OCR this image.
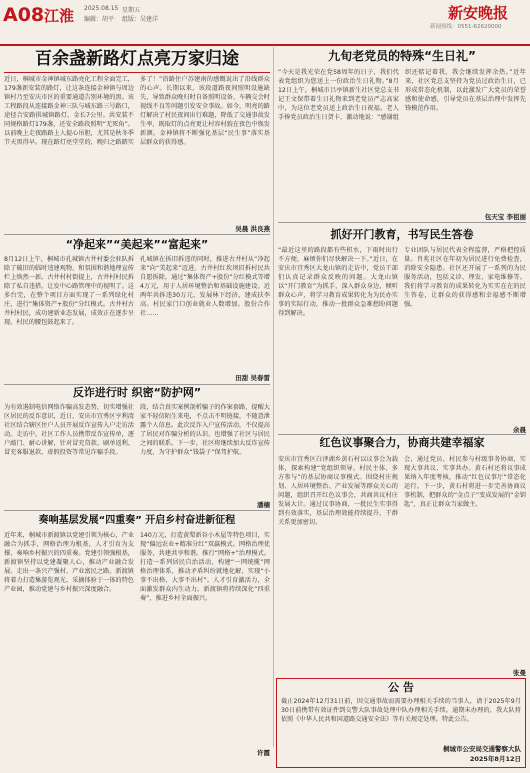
A08 江淮 2025.08.15 星期五
编辑：胡平 组版：吴建洋	新安晚报
新闻热线：0551-62620000
百余盏新路灯点亮万家归途
近日，桐城市金神镇城东路亮化工程全面完工，179盏新安装的路灯，让这条连接金神镇与周边镇村乃至安庆市区的重要通道告别环境的黑。该工程路段从连接路金神三队与城东路三号路口，途径合安路供城镇路灯、金长7公里。共安装不同规格路灯179盏，还安全路段照明“无死角”。以前晚上走夜路路上人提心吊胆，尤其是秋冬季节天黑得早。现在路灯亮堂堂的，晚归之路踏实多了！”沿路住户苏建南的感慨说出了沿线群众的心声。长期以来，该段道路夜间照明设施缺失，导致群众晚归时自备照明设备、车辆交会时视线不良等问题引发安全事故。如今，明亮的路灯解决了村民夜间出行难题，降低了交通事故发生率，既取灯的点亮更让村容村貌在夜色中焕发新颜。金神镇将不断强化基层“民生事”落实基层群众的获得感。
吴晨 洪良燕
“净起来”“美起来”“富起来”
8月12日上午，桐城市孔城镇古井村委会驻队拆除了破旧的临时违建观物，和氛围和谐地理宣传栏上焕然一新。古井村村街提上，古井村村民拆除了私自违搭，让发中心路管理中的视明了。这多台完，在整个项目方面实现了一系列绿化村庄，进行“集体资产+股份”分红模式。古井村古井村村民，成功建新业态发展，成效正在逐步呈现。村民的腰包鼓起来了。
孔城镇在拆旧拆违的同时，推进古井村从“净起来”向“美起来”迈进。古井村红坎坝旧拆村民共自愿拆除，通过“集体资产+股份”分红模式等增4万元，用于人居环境整治和基础设施建设。近两年共拆违30万元，发展林下经济，建成扶李高。村民家门口创业就业人数增加。股份合作社……
田甜 吴春雷
反诈进行时 织密“防护网”
为有效遏制电信网络诈骗高发态势，切实增强社区居民的反诈意识，近日，安庆市宜秀区亨利湾社区结合辖区住户人员开展反诈宣传入户走访活动。走访中，社区工作人员携带反诈宣传单，逐户敲门、耐心讲解，针对冒充贷款、刷单返利、冒充客服退款、虚假投资等常见诈骗手段。
段，结合真实案例剖析骗子的作案套路，提醒大家不轻信陌生来电，不点击不明链接，不随意泄露个人信息。此次反诈入户宣传活动，不仅提高了居民对诈骗分析的认识，也增强了社区与居民之间的联系。下一步，社区将继续加大反诈宣传力度，为守护群众“钱袋子”保驾护航。
潘楠
奏响基层发展“四重奏” 开启乡村奋进新征程
近年来，桐城市新渡镇以党建引领为核心，产业融合为抓手，网格治理为根基，人才引育为支撑，奏响乡村振兴的四重奏。党建引领强根基，新渡镇坚持以党建凝聚人心，推动产业融合发展。走出一条兴产强村、产业富民之路。新渡镇将着力打造集游览观光、采摘体验于一体的特色产业园，推动党建与乡村振兴深度融合。
140万元，打造黄梨新谷小木屋等特色项目，实现“偏远农业+精准分红”双赢模式。网格治理优服务，共建共享和谐。推行“网格+”治理模式。打造一系列居民自治活动，构建“一网统揽”网格治理体系，推动矛盾纠纷就地化解，实现“小事不出格，大事不出村”。人才引育激活力，全面激发群众内生动力。新渡镇将持续深化“四重奏”，推进乡村全面振兴。
许霞
九旬老党员的特殊“生日礼”
“今天是我光荣在党58周年的日子，我们代表党组织为您送上一份政治生日礼物。”8月12日上午，桐城市吕亭镇新生社区党总支书记王文保带着生日礼物来到老党员严志高家中，为这位老党员送上政治生日祝福。老人手捧党员政治生日贺卡，激动地说：“感谢组织还惦记着我，我会继续发挥余热。”近年来，社区党总支坚持为党员过政治生日，已形成常态化机制，以此激发广大党员的荣誉感和使命感，引导党员在基层治理中发挥先锋模范作用。
包天宝 李祖丽
抓好开门教育，书写民生答卷
“最近这里的路段都有些积水，下雨时出行不方便，麻烦你们尽快解决一下。”近日，在安庆市宜秀区大龙山镇的走访中，党员干部们认真记录群众反映的问题。大龙山镇以“开门教育”为抓手，深入群众身边、倾听群众心声，将学习教育成果转化为为民办实事的实际行动，推动一批群众急难愁盼问题得到解决。
专业团队与居民代表全程监督，严格把控质量。肖兆社区在年初为居民进行免费检查，消除安全隐患。社区还开展了一系列的为民服务活动，包括义诊、理发、家电维修等。我们将学习教育的成果转化为实实在在的民生答卷，让群众的获得感和幸福感不断增强。
余晨
红色议事聚合力，协商共建幸福家
安庆市宜秀区白泽湖乡黄石村以议事会为载体，探索构建“党组织领导、村民主体、多方参与”的基层协商议事模式。围绕村庄规划、人居环境整治、产业发展等群众关心的问题，组织召开红色议事会，共商共议村庄发展大计。通过议事协商，一批民生实事得到有效落实，基层治理效能持续提升，干群关系更加密切。
会，通过党员、村民参与村级事务协商，实现大事共议、实事共办。黄石村还将议事成果纳入年度考核，推动“红色议事厅”常态化运行。下一步，黄石村将进一步完善协商议事机制，把群众的“金点子”变成发展的“金钥匙”，真正让群众当家做主。
张曼
公 告
截止2024年12月31日前，因交通事故而需要办理相关手续的当事人，请于2025年9月30日前携带有效证件到交警大队事故处理中队办理相关手续。逾期未办理的，我大队将依照《中华人民共和国道路交通安全法》等有关规定处理。特此公告。
桐城市公安局交通警察大队
2025年8月12日
